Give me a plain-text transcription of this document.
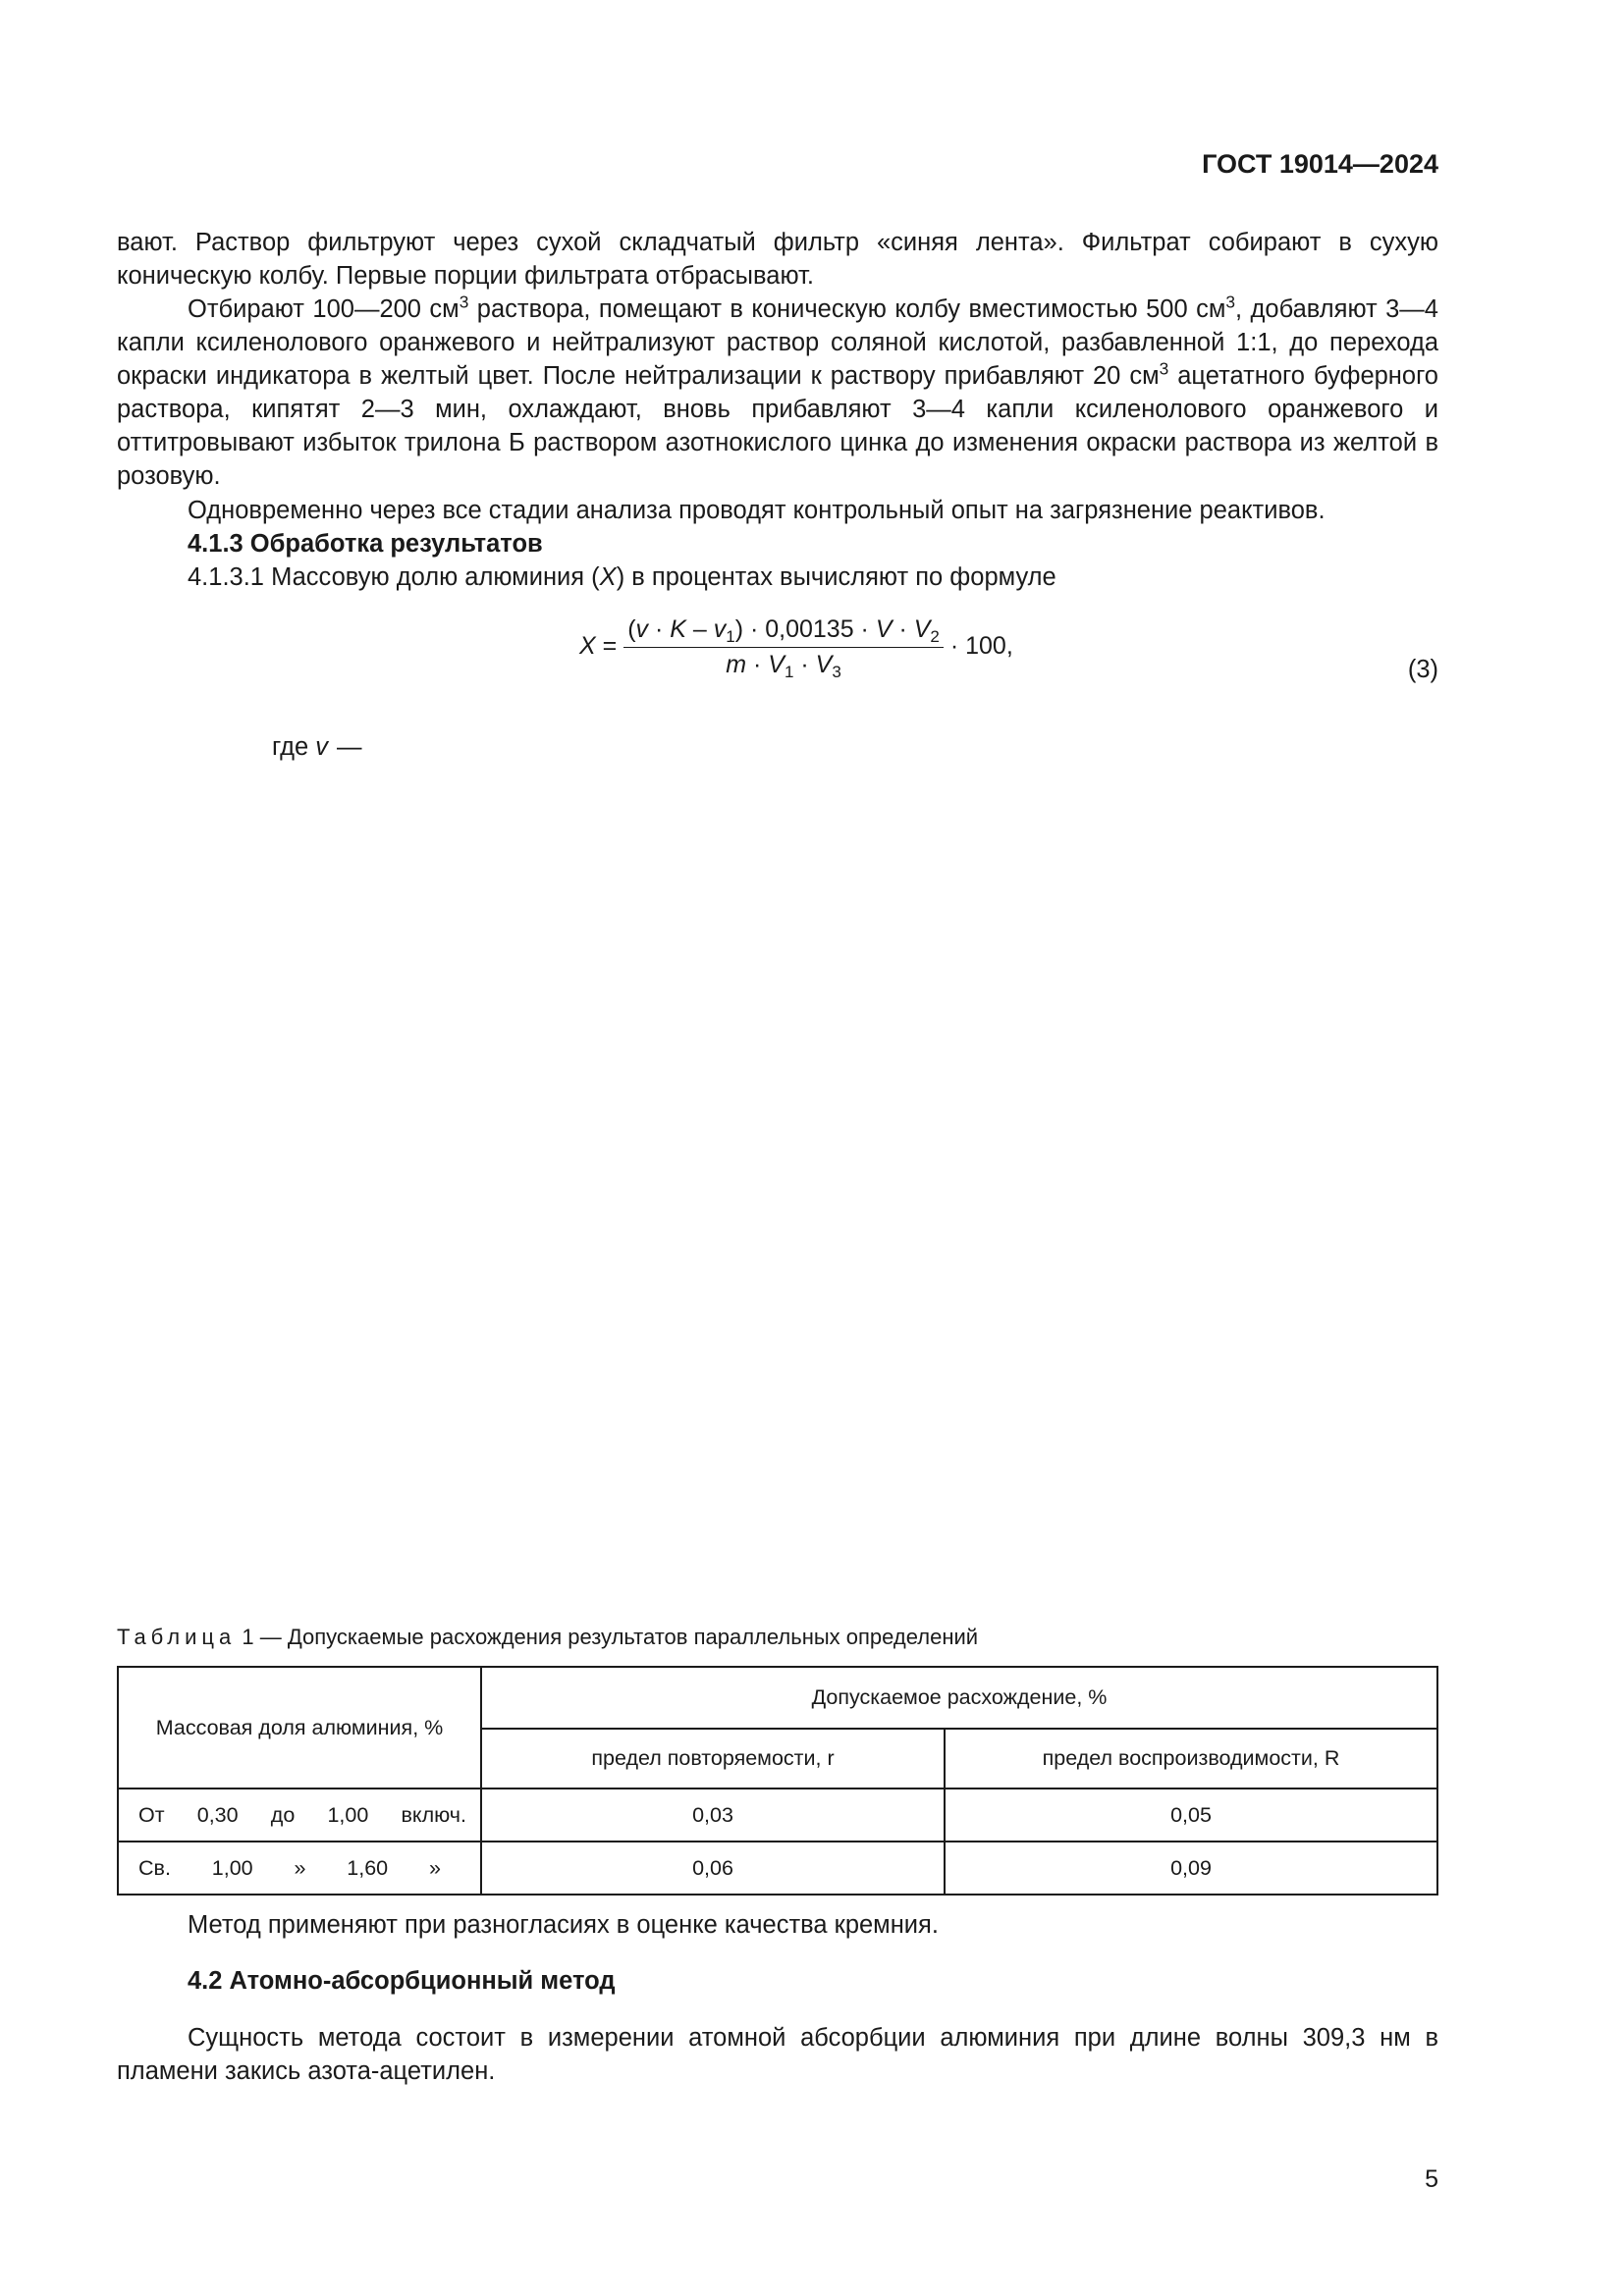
ГОСТ 19014—2024
вают. Раствор фильтруют через сухой складчатый фильтр «синяя лента». Фильтрат собирают в сухую коническую колбу. Первые порции фильтрата отбрасывают.
Отбирают 100—200 $см^3$ раствора, помещают в коническую колбу вместимостью 500 $см^3$, добавляют 3—4 капли ксиленолового оранжевого и нейтрализуют раствор соляной кислотой, разбавленной 1:1, до перехода окраски индикатора в желтый цвет. После нейтрализации к раствору прибавляют 20 $см^3$ ацетатного буферного раствора, кипятят 2—3 мин, охлаждают, вновь прибавляют 3—4 капли ксиленолового оранжевого и оттитровывают избыток трилона Б раствором азотнокислого цинка до изменения окраски раствора из желтой в розовую.
Одновременно через все стадии анализа проводят контрольный опыт на загрязнение реактивов.
4.1.3 Обработка результатов
4.1.3.1 Массовую долю алюминия (X) в процентах вычисляют по формуле
$X = \frac{(v \cdot K - v_1) \cdot 0,00135 \cdot V \cdot V_2}{m \cdot V_1 \cdot V_3} \cdot 100$,
(3)
где v —
Таблица 1 — Допускаемые расхождения результатов параллельных определений
Массовая доля алюминия, %	Допускаемое расхождение, %	
	предел повторяемости, r	предел воспроизводимости, R

От 0,30 до 1,00 включ.	0,03	0,05

Св. 1,00 » 1,60 »	0,06	0,09
Метод применяют при разногласиях в оценке качества кремния.
4.2 Атомно-абсорбционный метод
Сущность метода состоит в измерении атомной абсорбции алюминия при длине волны 309,3 нм в пламени закись азота-ацетилен.
5
